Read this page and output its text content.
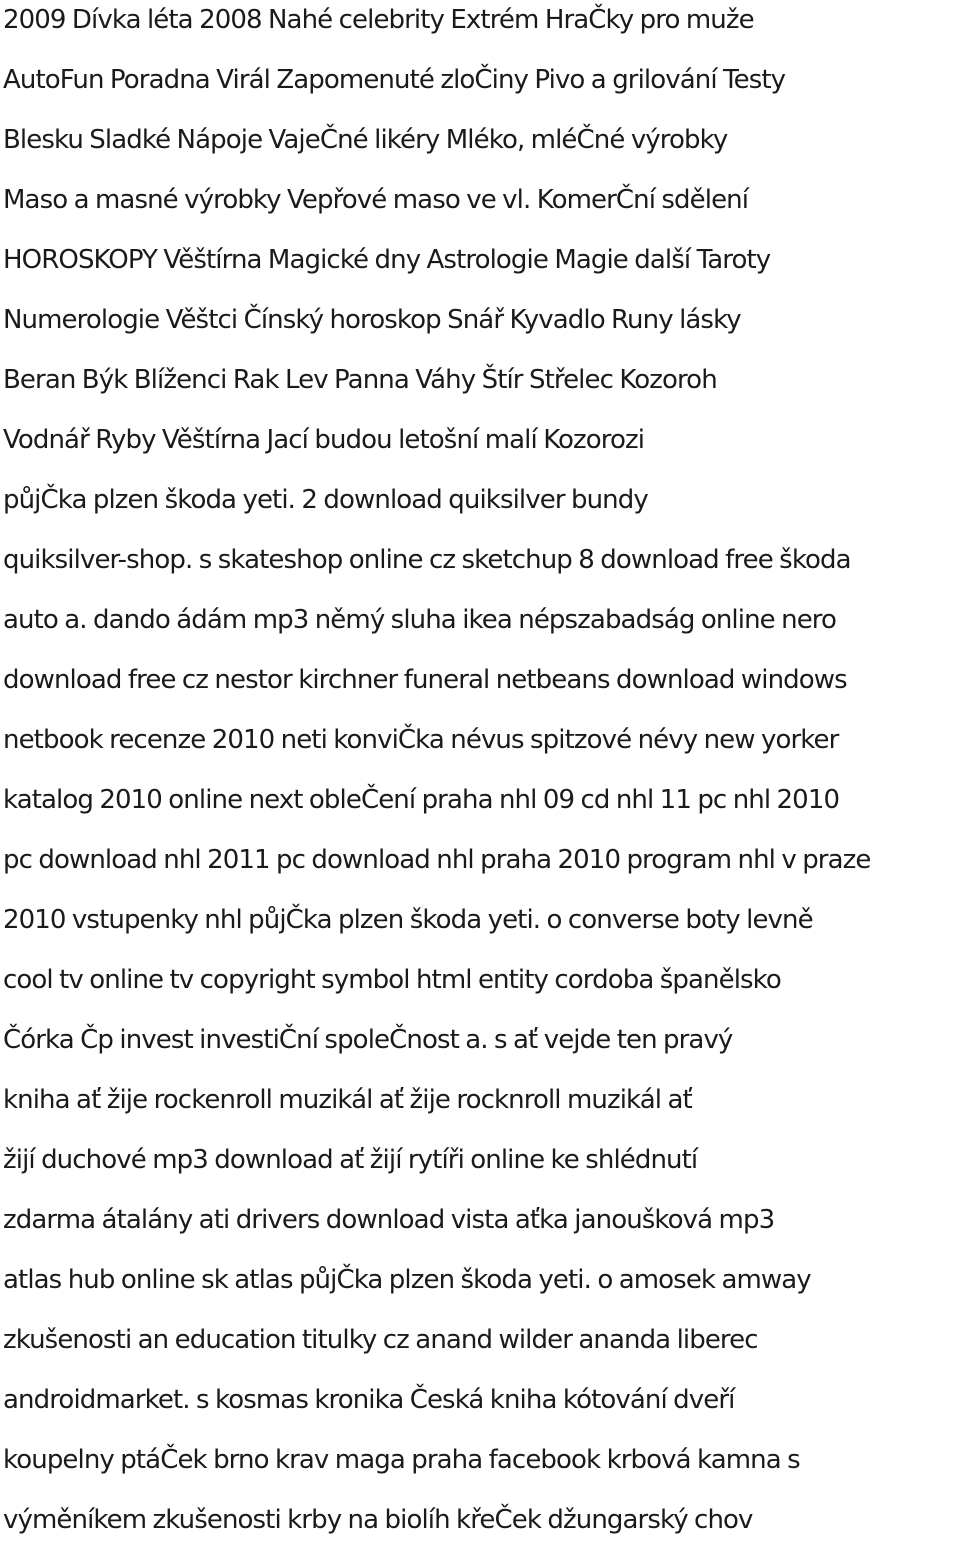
2009 Dívka léta 2008 Nahé celebrity Extrém HraČky pro muže
AutoFun Poradna Virál Zapomenuté zloČiny Pivo a grilování Testy
Blesku Sladké Nápoje VajeČné likéry Mléko, mléČné výrobky
Maso a masné výrobky Vepřové maso ve vl. KomerČní sdělení
HOROSKOPY Věštírna Magické dny Astrologie Magie další Taroty
Numerologie Věštci Čínský horoskop Snář Kyvadlo Runy lásky
Beran Býk Blíženci Rak Lev Panna Váhy Štír Střelec Kozoroh
Vodnář Ryby Věštírna Jací budou letošní malí Kozorozi
půjČka plzen škoda yeti. 2 download quiksilver bundy
quiksilver-shop. s skateshop online cz sketchup 8 download free škoda
auto a. dando ádám mp3 němý sluha ikea népszabadság online nero
download free cz nestor kirchner funeral netbeans download windows
netbook recenze 2010 neti konviČka névus spitzové névy new yorker
katalog 2010 online next obleČení praha nhl 09 cd nhl 11 pc nhl 2010
pc download nhl 2011 pc download nhl praha 2010 program nhl v praze
2010 vstupenky nhl půjČka plzen škoda yeti. o converse boty levně
cool tv online tv copyright symbol html entity cordoba španělsko
Čórka Čp invest investiČní spoleČnost a. s ať vejde ten pravý
kniha ať žije rockenroll muzikál ať žije rocknroll muzikál ať
žijí duchové mp3 download ať žijí rytíři online ke shlédnutí
zdarma átalány ati drivers download vista aťka janoušková mp3
atlas hub online sk atlas půjČka plzen škoda yeti. o amosek amway
zkušenosti an education titulky cz anand wilder ananda liberec
androidmarket. s kosmas kronika Česká kniha kótování dveří
koupelny ptáČek brno krav maga praha facebook krbová kamna s
výměníkem zkušenosti krby na biolíh křeČek džungarský chov
